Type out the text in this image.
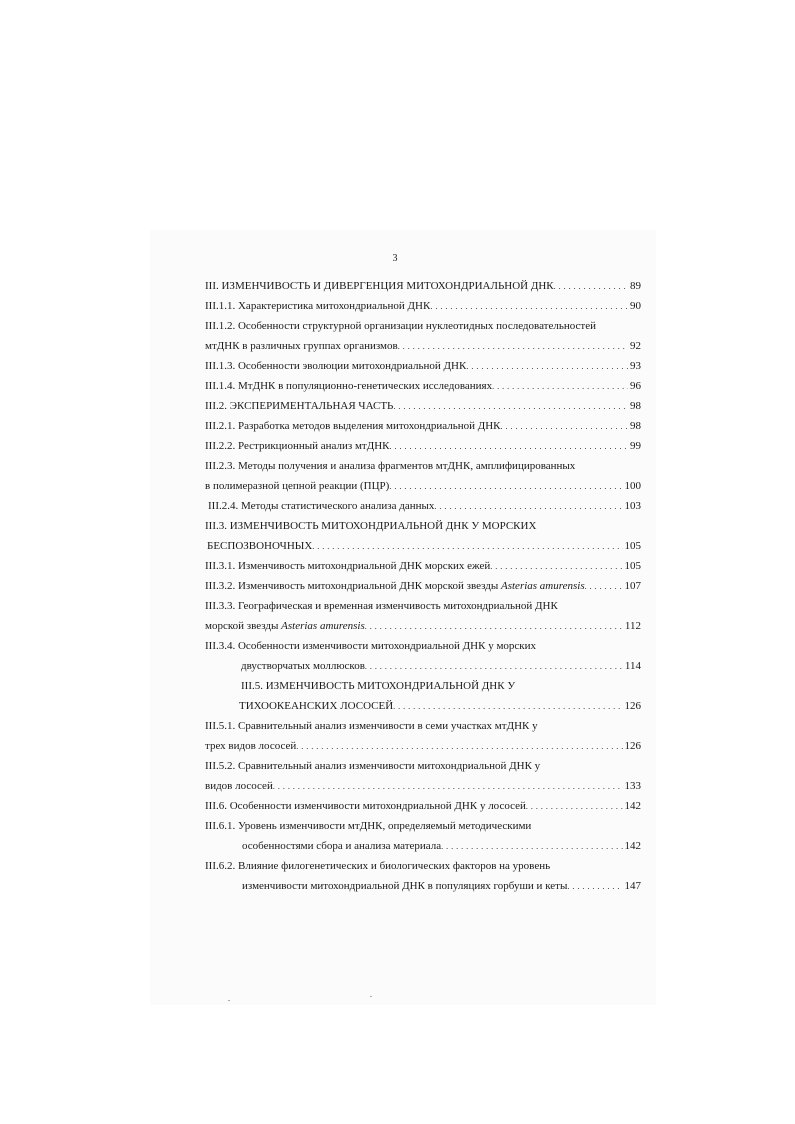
3
III. ИЗМЕНЧИВОСТЬ И ДИВЕРГЕНЦИЯ МИТОХОНДРИАЛЬНОЙ ДНК . . .	89
III.1.1. Характеристика митохондриальной ДНК . . .	90
III.1.2. Особенности структурной организации нуклеотидных последовательностей
мтДНК в различных группах организмов . . .	92
III.1.3. Особенности эволюции митохондриальной ДНК . . .	93
III.1.4. МтДНК в популяционно-генетических исследованиях . . .	96
III.2. ЭКСПЕРИМЕНТАЛЬНАЯ ЧАСТЬ . . .	98
III.2.1. Разработка методов выделения митохондриальной ДНК . . .	98
III.2.2. Рестрикционный анализ мтДНК . . .	99
III.2.3. Методы получения и анализа фрагментов мтДНК, амплифицированных
в полимеразной цепной реакции (ПЦР) . . .	100
III.2.4. Методы статистического анализа данных . . .	103
III.3. ИЗМЕНЧИВОСТЬ МИТОХОНДРИАЛЬНОЙ ДНК У МОРСКИХ
БЕСПОЗВОНОЧНЫХ . . .	105
III.3.1. Изменчивость митохондриальной ДНК морских ежей . . .	105
III.3.2. Изменчивость митохондриальной ДНК морской звезды Asterias amurensis . . .	107
III.3.3. Географическая и временная изменчивость митохондриальной ДНК
морской звезды Asterias amurensis . . .	112
III.3.4. Особенности изменчивости митохондриальной ДНК у морских
двустворчатых моллюсков . . .	114
III.5. ИЗМЕНЧИВОСТЬ МИТОХОНДРИАЛЬНОЙ ДНК У
ТИХООКЕАНСКИХ ЛОСОСЕЙ . . .	126
III.5.1. Сравнительный анализ изменчивости в семи участках мтДНК у
трех видов лососей . . .	126
III.5.2. Сравнительный анализ изменчивости митохондриальной ДНК у
видов лососей . . .	133
III.6. Особенности изменчивости митохондриальной ДНК у лососей . . .	142
III.6.1. Уровень изменчивости мтДНК, определяемый методическими
особенностями сбора и анализа материала . . .	142
III.6.2. Влияние филогенетических и биологических факторов на уровень
изменчивости митохондриальной ДНК в популяциях горбуши и кеты . . .	147
